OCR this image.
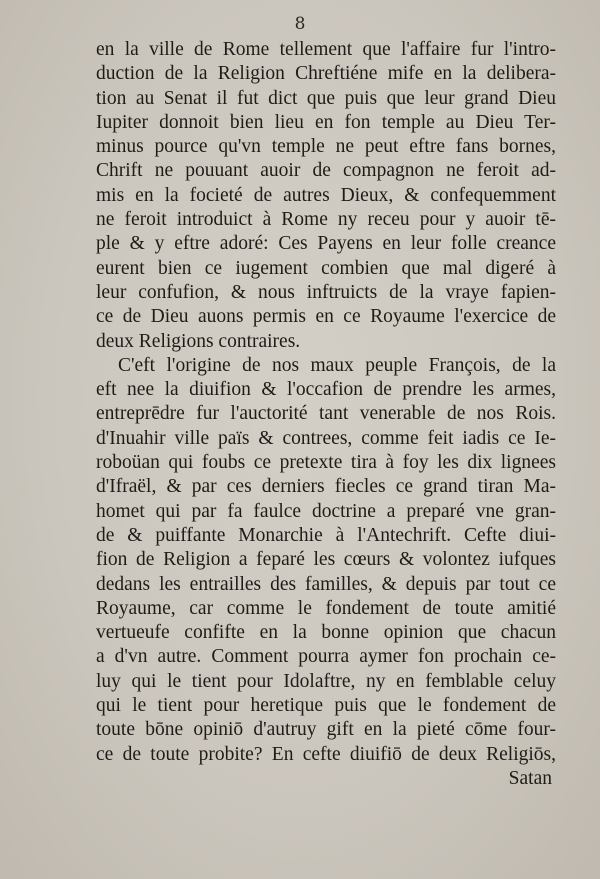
8
en la ville de Rome tellement que l'affaire fur l'intro-
duction de la Religion Chreftiéne mife en la delibera-
tion au Senat il fut dict que puis que leur grand Dieu
Iupiter donnoit bien lieu en fon temple au Dieu Ter-
minus pource qu'vn temple ne peut eftre fans bornes,
Chrift ne pouuant auoir de compagnon ne feroit ad-
mis en la focieté de autres Dieux, & confequemment
ne feroit introduict à Rome ny receu pour y auoir tē-
ple & y eftre adoré: Ces Payens en leur folle creance
eurent bien ce iugement combien que mal digeré à
leur confufion, & nous inftruicts de la vraye fapien-
ce de Dieu auons permis en ce Royaume l'exercice de
deux Religions contraires.
C'eft l'origine de nos maux peuple François, de la
eft nee la diuifion & l'occafion de prendre les armes,
entreprēdre fur l'auctorité tant venerable de nos Rois.
d'Inuahir ville païs & contrees, comme feit iadis ce Ie-
roboüan qui foubs ce pretexte tira à foy les dix lignees
d'Ifraël, & par ces derniers fiecles ce grand tiran Ma-
homet qui par fa faulce doctrine a preparé vne gran-
de & puiffante Monarchie à l'Antechrift. Cefte diui-
fion de Religion a feparé les cœurs & volontez iufques
dedans les entrailles des familles, & depuis par tout ce
Royaume, car comme le fondement de toute amitié
vertueufe confifte en la bonne opinion que chacun
a d'vn autre. Comment pourra aymer fon prochain ce-
luy qui le tient pour Idolaftre, ny en femblable celuy
qui le tient pour heretique puis que le fondement de
toute bōne opiniō d'autruy gift en la pieté cōme four-
ce de toute probite? En cefte diuifiō de deux Religiōs,
Satan
